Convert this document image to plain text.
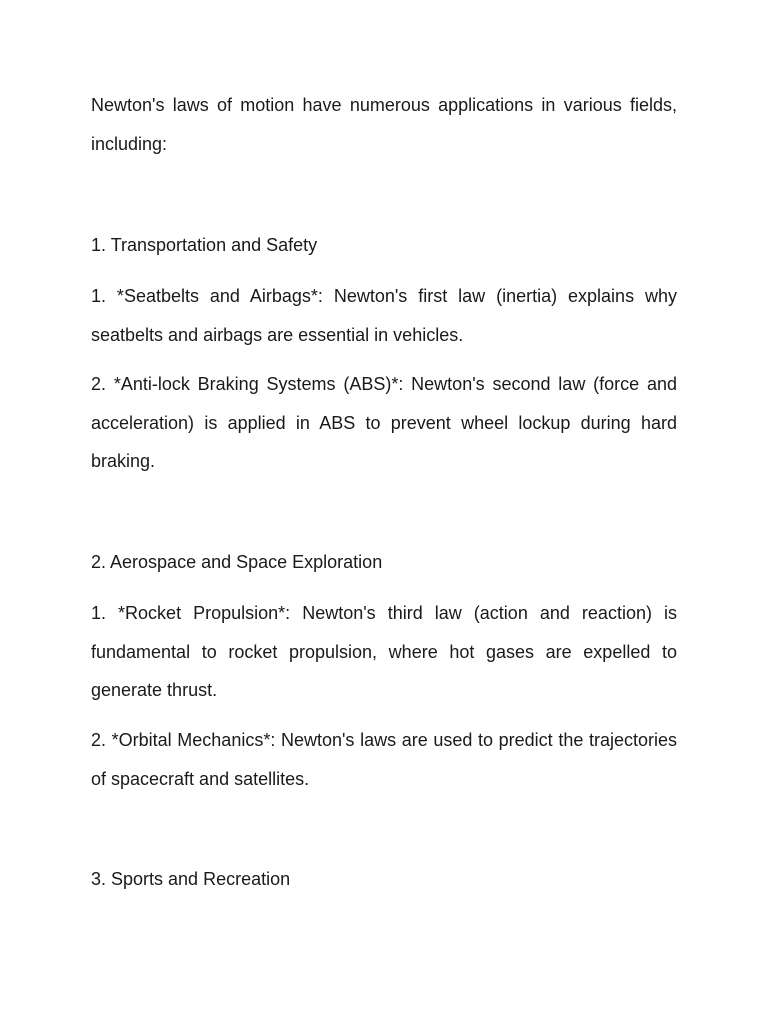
Newton's laws of motion have numerous applications in various fields, including:

1. Transportation and Safety

1. *Seatbelts and Airbags*: Newton's first law (inertia) explains why seatbelts and airbags are essential in vehicles.

2. *Anti-lock Braking Systems (ABS)*: Newton's second law (force and acceleration) is applied in ABS to prevent wheel lockup during hard braking.

2. Aerospace and Space Exploration

1. *Rocket Propulsion*: Newton's third law (action and reaction) is fundamental to rocket propulsion, where hot gases are expelled to generate thrust.

2. *Orbital Mechanics*: Newton's laws are used to predict the trajectories of spacecraft and satellites.

3. Sports and Recreation
